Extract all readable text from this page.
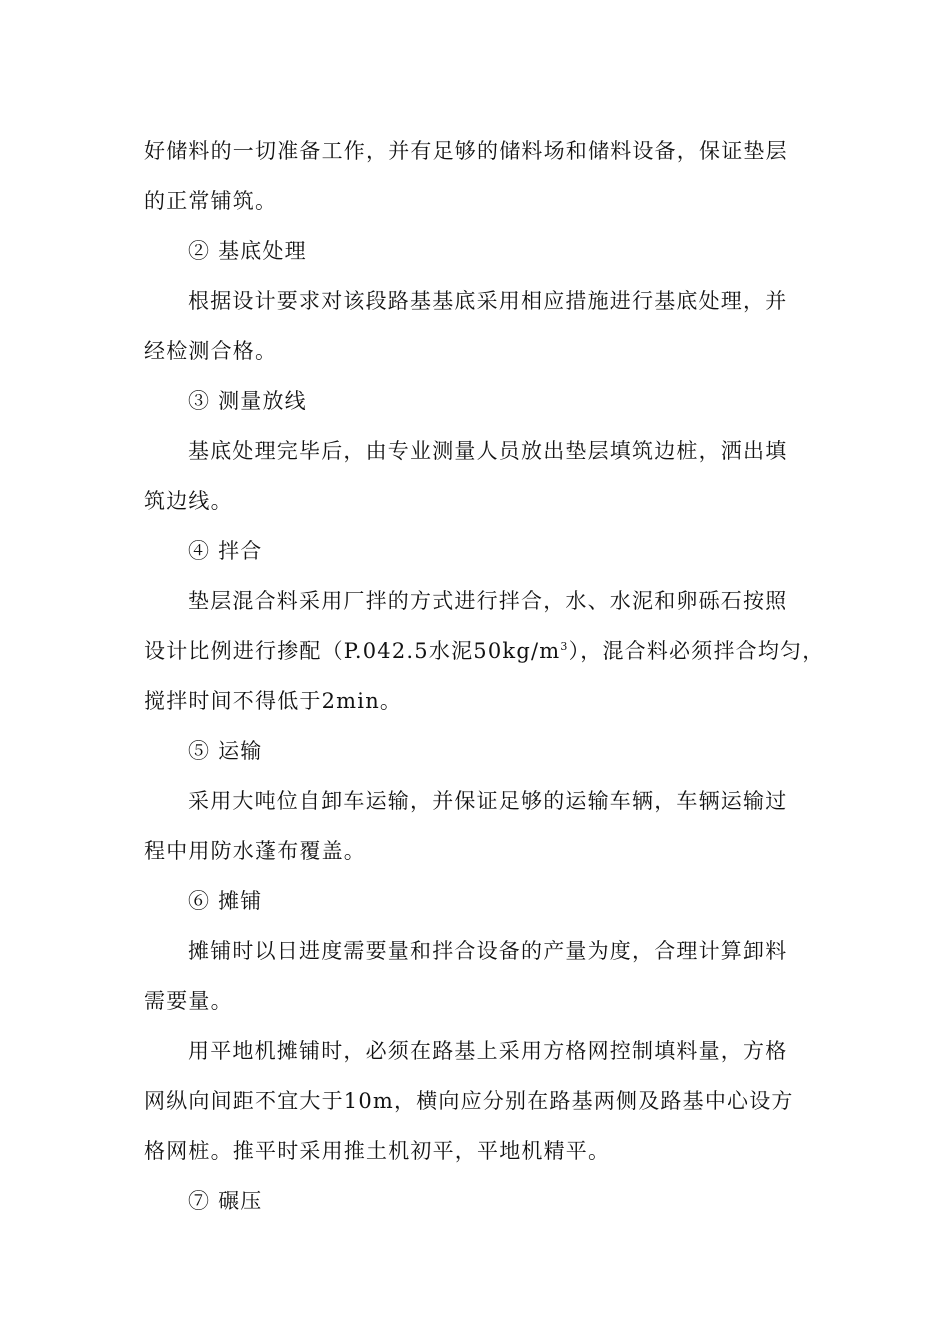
好储料的一切准备工作，并有足够的储料场和储料设备，保证垫层
的正常铺筑。
② 基底处理
根据设计要求对该段路基基底采用相应措施进行基底处理，并
经检测合格。
③ 测量放线
基底处理完毕后，由专业测量人员放出垫层填筑边桩，洒出填
筑边线。
④ 拌合
垫层混合料采用厂拌的方式进行拌合，水、水泥和卵砾石按照
设计比例进行掺配（P.042.5水泥$50kg/m^3$），混合料必须拌合均匀，
搅拌时间不得低于2min。
⑤ 运输
采用大吨位自卸车运输，并保证足够的运输车辆，车辆运输过
程中用防水蓬布覆盖。
⑥ 摊铺
摊铺时以日进度需要量和拌合设备的产量为度，合理计算卸料
需要量。
用平地机摊铺时，必须在路基上采用方格网控制填料量，方格
网纵向间距不宜大于10m，横向应分别在路基两侧及路基中心设方
格网桩。推平时采用推土机初平，平地机精平。
⑦ 碾压
